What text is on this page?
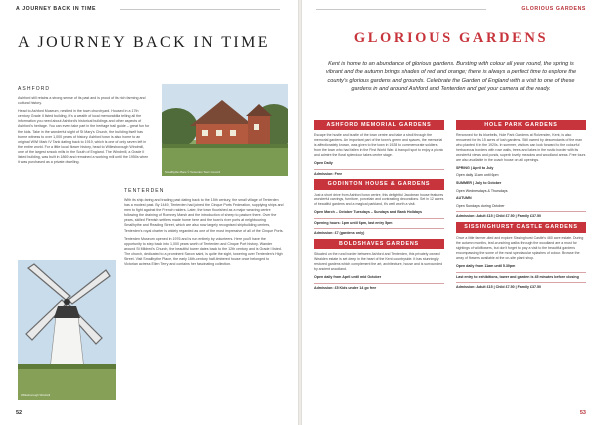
A JOURNEY BACK IN TIME
A JOURNEY BACK IN TIME
ASHFORD

Ashford still retains a strong sense of its past and is proud of its rich farming and cultural history.

Head to Ashford Museum, nestled in the town churchyard. Housed in a 17th century Grade II listed building, it's a wealth of local memorabilia telling all the information you need about Ashford's historical buildings and other aspects of Ashford's heritage. You can even take part in the heritage trail guide – great fun for the kids. Take in the wonderful sight of St Mary's Church, the building itself has borne witness to over 1,000 years of history. Ashford town is also home to an original WWI Mark IV Tank dating back to 1919, which is one of only seven left in the entire world. For a little local flower history, head to Willesborough Windmill, one of the largest smock mills in the South of England. The Windmill, a Grade II listed building, was built in 1869 and remained a working mill until the 1950s when it was purchased as a private dwelling.

Smallhythe Place © Tenterden Town Council
TENTERDEN

With its ship-faring and trading past dating back to the 15th century, the small village of Tenterden has a modest past. By 1449, Tenterden had joined the Cinque Ports Federation, supplying ships and men to fight against the French raiders. Later, the town flourished as a major weaving centre following the draining of Romney Marsh and the introduction of sheep to pasture there. Over the years, skilled Flemish settlers made home here and the town's river ports at neighbouring Smallhythe and Reading Street, which are also now largely recognised shipbuilding centres, Tenterden's royal charter is widely regarded as one of the most impressive of all of the Cinque Ports.

Tenterden Museum opened in 1976 and is run entirely by volunteers. Here you'll have the opportunity to step back into 1,000 years worth of Tenterden and Cinque Port history. Wander around St Mildred's Church, the beautiful tower dates back to the 12th century and is Grade I listed. The church, dedicated to a prominent Saxon saint, is quite the sight, towering over Tenterden's High Street. Visit Smallhythe Place, the early 16th-century half-timbered house once belonged to Victorian actress Ellen Terry and contains her fascinating collection.

Willesborough Windmill
52
GLORIOUS GARDENS
GLORIOUS GARDENS

Kent is home to an abundance of glorious gardens. Bursting with colour all year round, the spring is vibrant and the autumn brings shades of red and orange; there is always a perfect time to explore the county's glorious gardens and grounds. Celebrate the Garden of England with a visit to one of these gardens in and around Ashford and Tenterden and get your camera at the ready.

ASHFORD MEMORIAL GARDENS

Escape the hustle and bustle of the town centre and take a stroll through the memorial gardens. An important part of the town's green and spaces, the memorial is affectionately known, was given to the town in 1928 to commemorate soldiers from the town who had fallen in the First World War. A tranquil spot to enjoy a picnic and admire the floral splendour takes centre stage.

Open Daily

Admission: Free

GODINTON HOUSE & GARDENS

Just a short drive from Ashford town centre, this delightful Jacobean house features wonderful carvings, furniture, porcelain and contrasting decorations. Set in 12 acres of beautiful gardens and a magical parkland, it's well worth a visit.

Open March – October Tuesdays – Sundays and Bank Holidays

Opening hours: 1pm until 6pm, last entry 5pm

Admission: £7 (gardens only)

BOLDSHAVES GARDENS

Situated on the rural border between Ashford and Tenterden, this privately owned Wealden estate is set deep in the heart of the Kent countryside. It has stunningly restored gardens which complement the art, architecture, house and is surrounded by ancient woodland.

Open daily from April until mid October

Admission: £5 Kids under 14 go free

HOLE PARK GARDENS

Renowned for its bluebells, Hole Park Gardens at Rolvenden, Kent, is also renowned for its 15 acres of lush gardens. Still owned by descendants of the man who planted it in the 1920s. In summer, visitors can look forward to the colourful herbaceous borders with rose walls, trees and lakes in the rustic border with its wonderful views and ponds, superb lovely meadow and woodland areas. Free tours are also available in the coach house on all openings.

SPRING | April to July

Open daily 11am until 6pm

SUMMER | July to October

Open Wednesdays & Thursdays

AUTUMN

Open Sundays during October

Admission: Adult £15 | Child £7.50 | Family £37.50

SISSINGHURST CASTLE GARDENS

Once a little farmer-died and explore Sissinghurst Castle's 460 acre estate. During the autumn months, leaf-crunching walks through the woodland are a must for sightings of wildflowers, but don't forget to pay a visit to the beautiful gardens encompassing the some of the most spectacular splashes of colour. Browse the array of flowers available at the on-site plant shop.

Open daily from 11am until 5.30pm

Last entry to exhibitions, tower and garden is 45 minutes before closing

Admission: Adult £15 | Child £7.50 | Family £37.50

53
